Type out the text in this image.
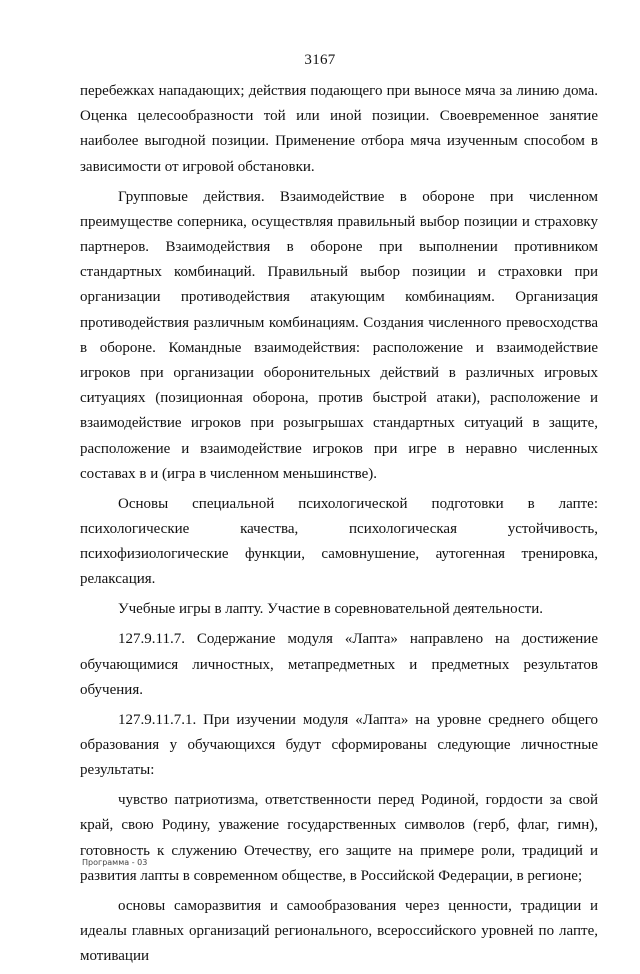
3167

перебежках нападающих; действия подающего при выносе мяча за линию дома. Оценка целесообразности той или иной позиции. Своевременное занятие наиболее выгодной позиции. Применение отбора мяча изученным способом в зависимости от игровой обстановки.

Групповые действия. Взаимодействие в обороне при численном преимуществе соперника, осуществляя правильный выбор позиции и страховку партнеров. Взаимодействия в обороне при выполнении противником стандартных комбинаций. Правильный выбор позиции и страховки при организации противодействия атакующим комбинациям. Организация противодействия различным комбинациям. Создания численного превосходства в обороне. Командные взаимодействия: расположение и взаимодействие игроков при организации оборонительных действий в различных игровых ситуациях (позиционная оборона, против быстрой атаки), расположение и взаимодействие игроков при розыгрышах стандартных ситуаций в защите, расположение и взаимодействие игроков при игре в неравно численных составах в и (игра в численном меньшинстве).

Основы специальной психологической подготовки в лапте: психологические качества, психологическая устойчивость, психофизиологические функции, самовнушение, аутогенная тренировка, релаксация.

Учебные игры в лапту. Участие в соревновательной деятельности.

127.9.11.7. Содержание модуля «Лапта» направлено на достижение обучающимися личностных, метапредметных и предметных результатов обучения.

127.9.11.7.1. При изучении модуля «Лапта» на уровне среднего общего образования у обучающихся будут сформированы следующие личностные результаты:

чувство патриотизма, ответственности перед Родиной, гордости за свой край, свою Родину, уважение государственных символов (герб, флаг, гимн), готовность к служению Отечеству, его защите на примере роли, традиций и развития лапты в современном обществе, в Российской Федерации, в регионе;

основы саморазвития и самообразования через ценности, традиции и идеалы главных организаций регионального, всероссийского уровней по лапте, мотивации

Программа - 03
